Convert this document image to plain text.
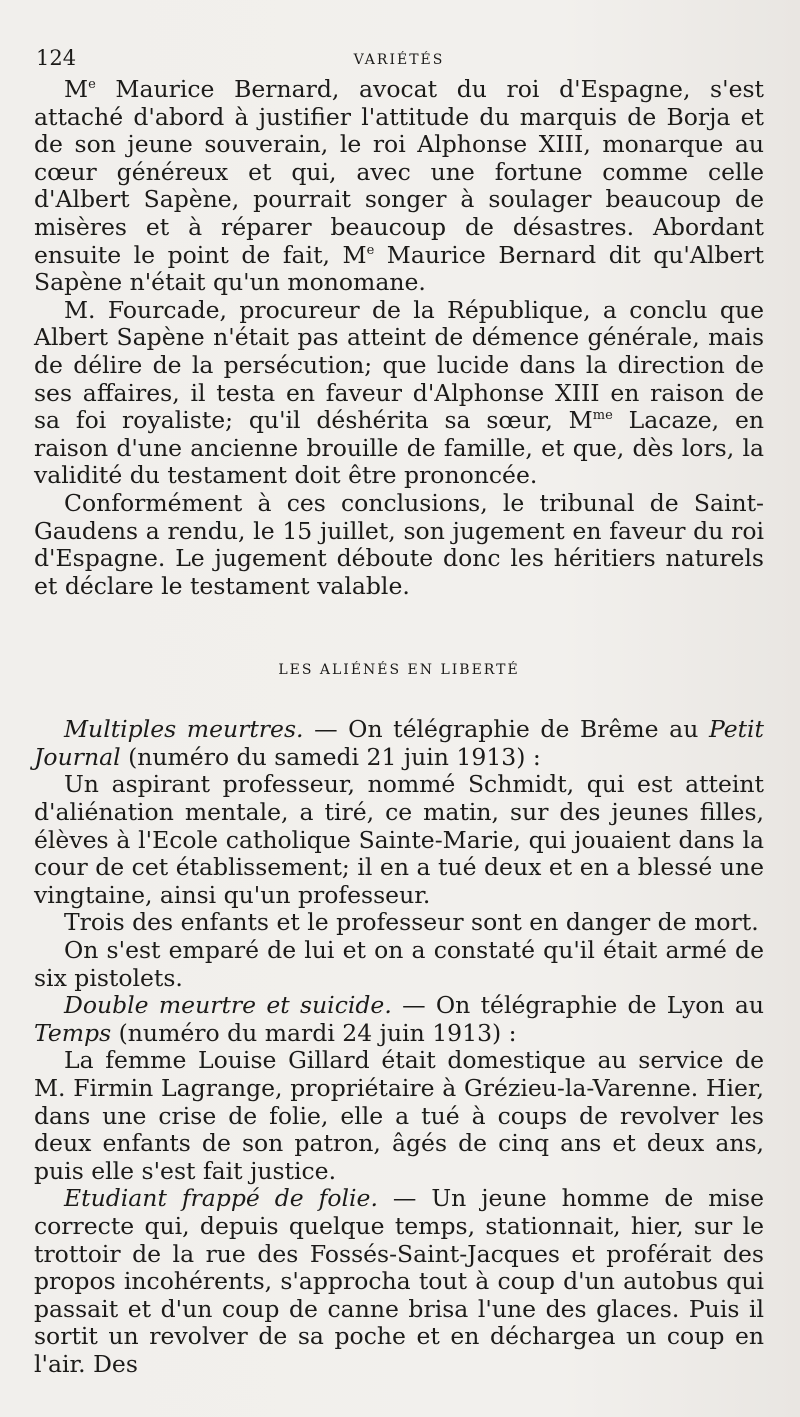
124	VARIÉTÉS

Me Maurice Bernard, avocat du roi d'Espagne, s'est attaché d'abord à justifier l'attitude du marquis de Borja et de son jeune souverain, le roi Alphonse XIII, monarque au cœur généreux et qui, avec une fortune comme celle d'Albert Sapène, pourrait songer à soulager beaucoup de misères et à réparer beaucoup de désastres. Abordant ensuite le point de fait, Me Maurice Bernard dit qu'Albert Sapène n'était qu'un monomane.

M. Fourcade, procureur de la République, a conclu que Albert Sapène n'était pas atteint de démence générale, mais de délire de la persécution; que lucide dans la direction de ses affaires, il testa en faveur d'Alphonse XIII en raison de sa foi royaliste; qu'il déshérita sa sœur, $M^{me}$ Lacaze, en raison d'une ancienne brouille de famille, et que, dès lors, la validité du testament doit être prononcée.

Conformément à ces conclusions, le tribunal de Saint-Gaudens a rendu, le 15 juillet, son jugement en faveur du roi d'Espagne. Le jugement déboute donc les héritiers naturels et déclare le testament valable.

LES ALIÉNÉS EN LIBERTÉ

Multiples meurtres. — On télégraphie de Brême au Petit Journal (numéro du samedi 21 juin 1913) :

Un aspirant professeur, nommé Schmidt, qui est atteint d'aliénation mentale, a tiré, ce matin, sur des jeunes filles, élèves à l'Ecole catholique Sainte-Marie, qui jouaient dans la cour de cet établissement; il en a tué deux et en a blessé une vingtaine, ainsi qu'un professeur.

Trois des enfants et le professeur sont en danger de mort.

On s'est emparé de lui et on a constaté qu'il était armé de six pistolets.

Double meurtre et suicide. — On télégraphie de Lyon au Temps (numéro du mardi 24 juin 1913) :

La femme Louise Gillard était domestique au service de M. Firmin Lagrange, propriétaire à Grézieu-la-Varenne. Hier, dans une crise de folie, elle a tué à coups de revolver les deux enfants de son patron, âgés de cinq ans et deux ans, puis elle s'est fait justice.

Etudiant frappé de folie. — Un jeune homme de mise correcte qui, depuis quelque temps, stationnait, hier, sur le trottoir de la rue des Fossés-Saint-Jacques et proférait des propos incohérents, s'approcha tout à coup d'un autobus qui passait et d'un coup de canne brisa l'une des glaces. Puis il sortit un revolver de sa poche et en déchargea un coup en l'air. Des
